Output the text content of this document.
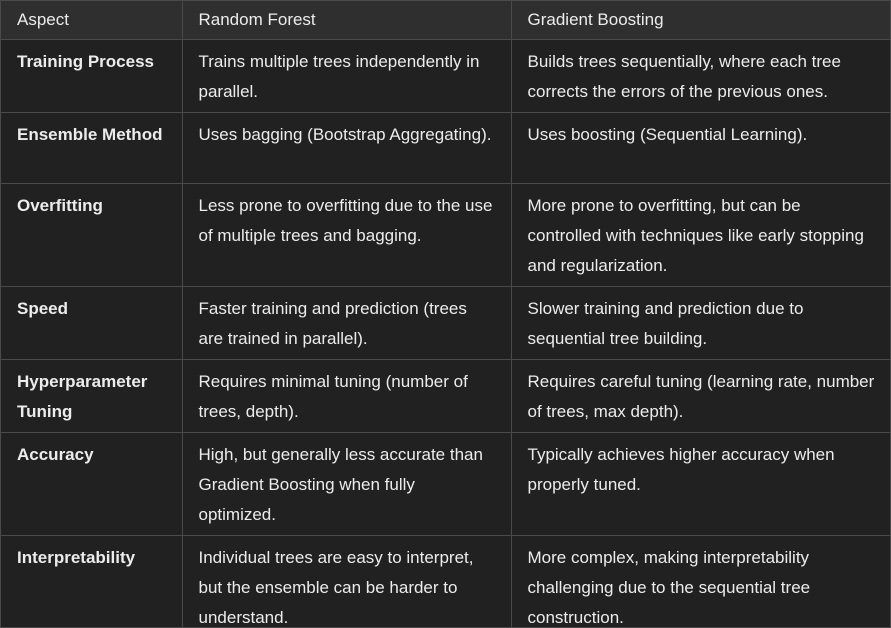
Aspect	Random Forest	Gradient Boosting
Training Process	Trains multiple trees independently in parallel.	Builds trees sequentially, where each tree corrects the errors of the previous ones.
Ensemble Method	Uses bagging (Bootstrap Aggregating).	Uses boosting (Sequential Learning).
Overfitting	Less prone to overfitting due to the use of multiple trees and bagging.	More prone to overfitting, but can be controlled with techniques like early stopping and regularization.
Speed	Faster training and prediction (trees are trained in parallel).	Slower training and prediction due to sequential tree building.
Hyperparameter Tuning	Requires minimal tuning (number of trees, depth).	Requires careful tuning (learning rate, number of trees, max depth).
Accuracy	High, but generally less accurate than Gradient Boosting when fully optimized.	Typically achieves higher accuracy when properly tuned.
Interpretability	Individual trees are easy to interpret, but the ensemble can be harder to understand.	More complex, making interpretability challenging due to the sequential tree construction.
